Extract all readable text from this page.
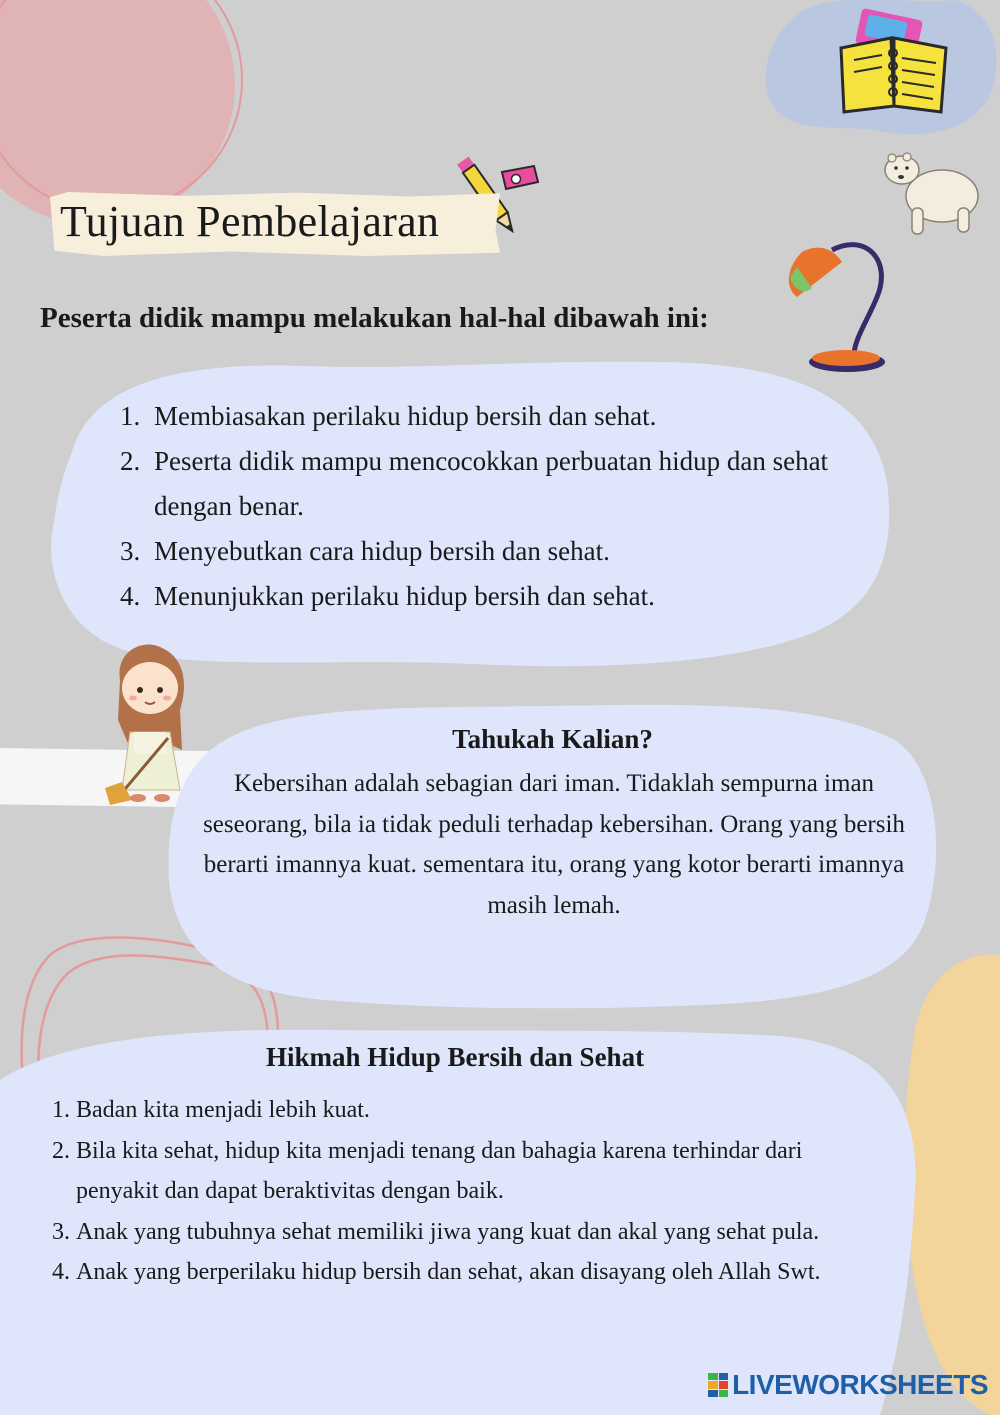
Tujuan Pembelajaran
Peserta didik mampu melakukan hal-hal dibawah ini:
1. Membiasakan perilaku hidup bersih dan sehat.
2. Peserta didik mampu mencocokkan perbuatan hidup dan sehat dengan benar.
3. Menyebutkan cara hidup bersih dan sehat.
4. Menunjukkan perilaku hidup bersih dan sehat.
Tahukah Kalian?
Kebersihan adalah sebagian dari iman. Tidaklah sempurna iman seseorang, bila ia tidak peduli terhadap kebersihan. Orang yang bersih berarti imannya kuat. sementara itu, orang yang kotor berarti imannya masih lemah.
Hikmah Hidup Bersih dan Sehat
1. Badan kita menjadi lebih kuat.
2. Bila kita sehat, hidup kita menjadi tenang dan bahagia karena terhindar dari penyakit dan dapat beraktivitas dengan baik.
3. Anak yang tubuhnya sehat memiliki jiwa yang kuat dan akal yang sehat pula.
4. Anak yang berperilaku hidup bersih dan sehat, akan disayang oleh Allah Swt.
LIVEWORKSHEETS
